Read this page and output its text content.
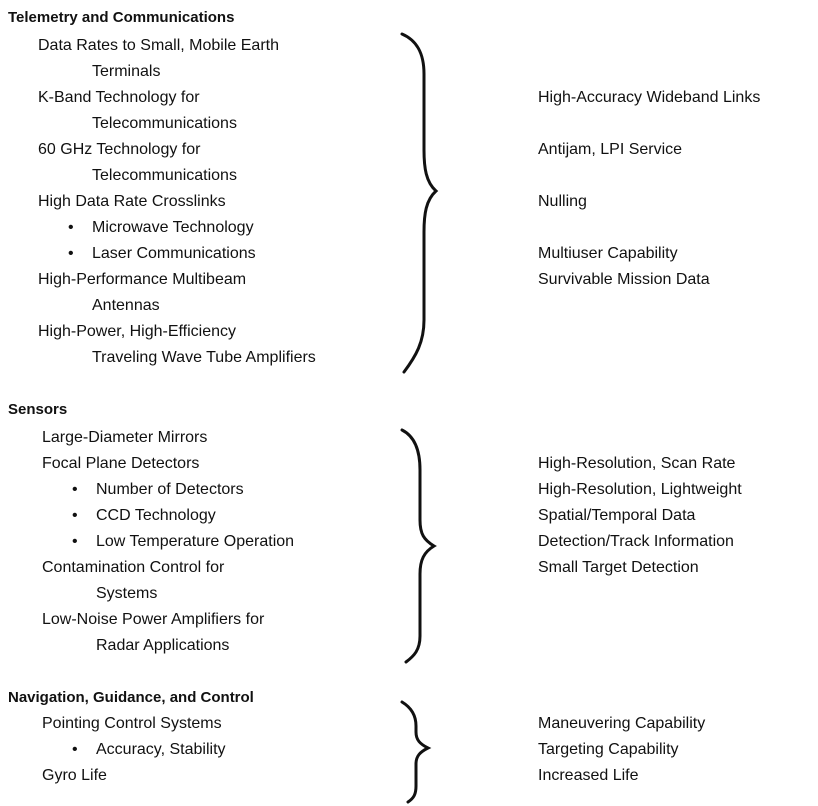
Telemetry and Communications
Data Rates to Small, Mobile Earth
Terminals
K-Band Technology for
Telecommunications
60 GHz Technology for
Telecommunications
High Data Rate Crosslinks
• Microwave Technology
• Laser Communications
High-Performance Multibeam
Antennas
High-Power, High-Efficiency
Traveling Wave Tube Amplifiers
High-Accuracy Wideband Links
Antijam, LPI Service
Nulling
Multiuser Capability
Survivable Mission Data
Sensors
Large-Diameter Mirrors
Focal Plane Detectors
• Number of Detectors
• CCD Technology
• Low Temperature Operation
Contamination Control for
Systems
Low-Noise Power Amplifiers for
Radar Applications
High-Resolution, Scan Rate
High-Resolution, Lightweight
Spatial/Temporal Data
Detection/Track Information
Small Target Detection
Navigation, Guidance, and Control
Pointing Control Systems
• Accuracy, Stability
Gyro Life
Maneuvering Capability
Targeting Capability
Increased Life
